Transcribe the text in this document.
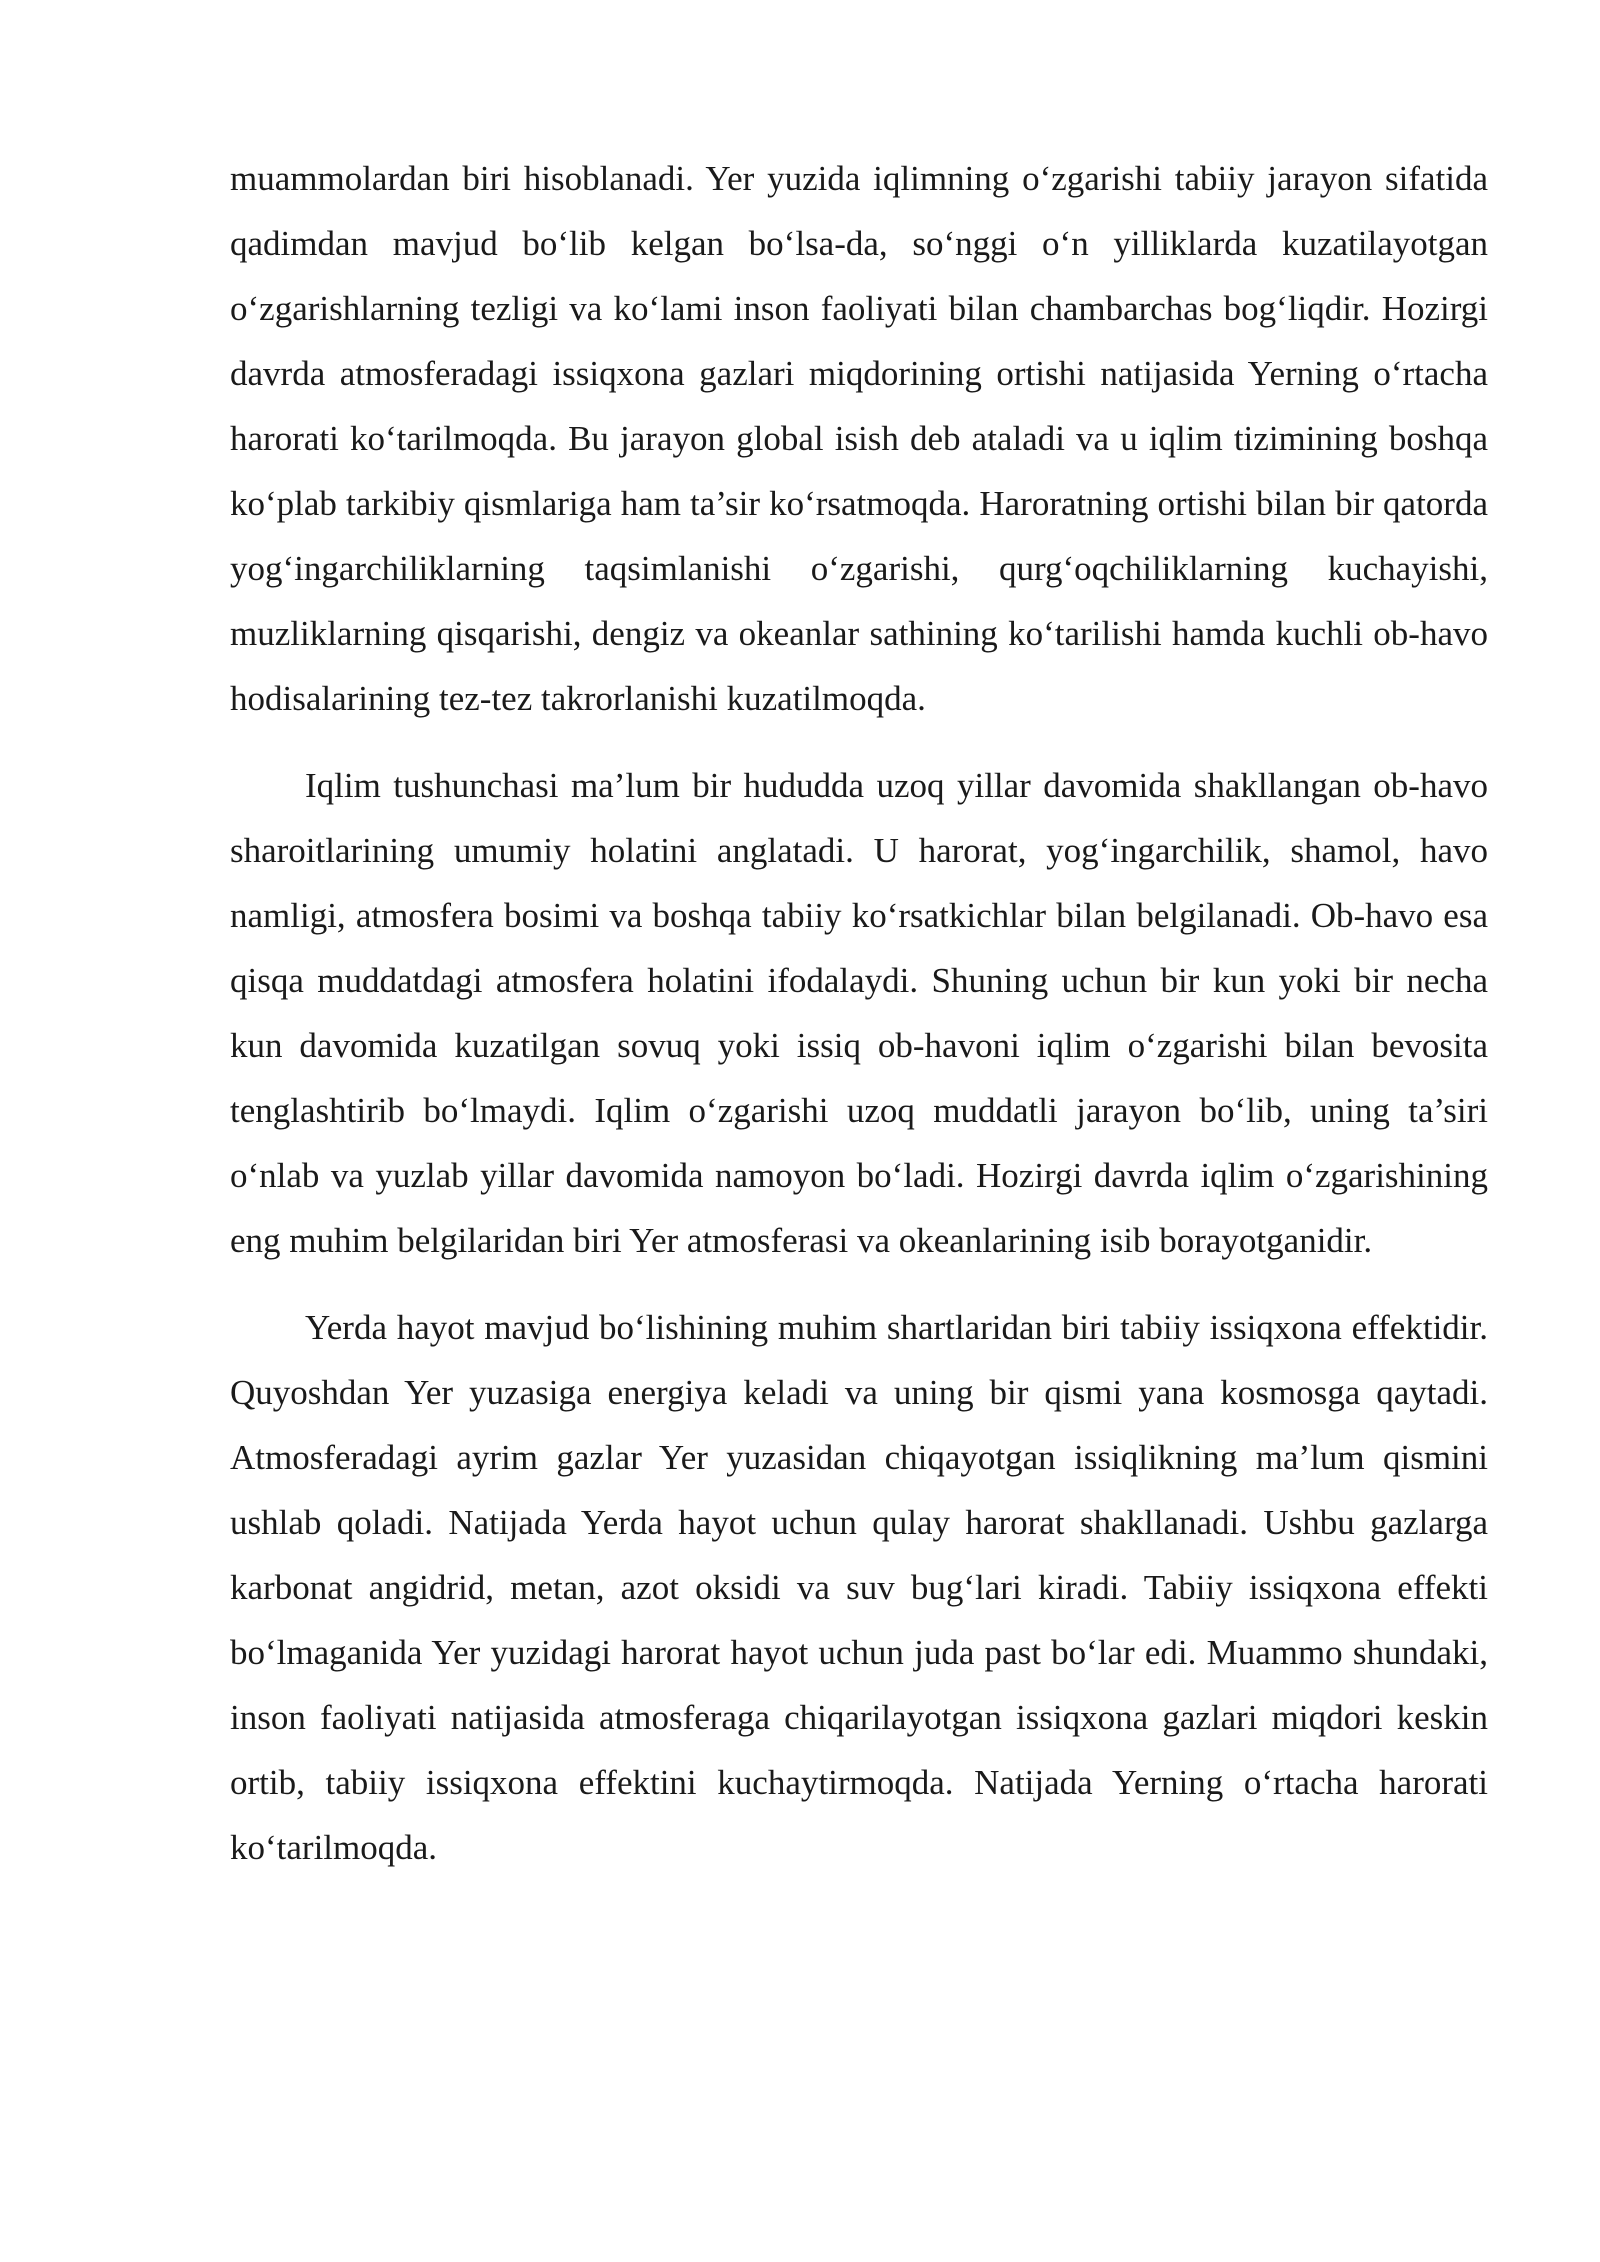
muammolardan biri hisoblanadi. Yer yuzida iqlimning o‘zgarishi tabiiy jarayon sifatida qadimdan mavjud bo‘lib kelgan bo‘lsa-da, so‘nggi o‘n yilliklarda kuzatilayotgan o‘zgarishlarning tezligi va ko‘lami inson faoliyati bilan chambarchas bog‘liqdir. Hozirgi davrda atmosferadagi issiqxona gazlari miqdorining ortishi natijasida Yerning o‘rtacha harorati ko‘tarilmoqda. Bu jarayon global isish deb ataladi va u iqlim tizimining boshqa ko‘plab tarkibiy qismlariga ham ta’sir ko‘rsatmoqda. Haroratning ortishi bilan bir qatorda yog‘ingarchiliklarning taqsimlanishi o‘zgarishi, qurg‘oqchiliklarning kuchayishi, muzliklarning qisqarishi, dengiz va okeanlar sathining ko‘tarilishi hamda kuchli ob-havo hodisalarining tez-tez takrorlanishi kuzatilmoqda.

Iqlim tushunchasi ma’lum bir hududda uzoq yillar davomida shakllangan ob-havo sharoitlarining umumiy holatini anglatadi. U harorat, yog‘ingarchilik, shamol, havo namligi, atmosfera bosimi va boshqa tabiiy ko‘rsatkichlar bilan belgilanadi. Ob-havo esa qisqa muddatdagi atmosfera holatini ifodalaydi. Shuning uchun bir kun yoki bir necha kun davomida kuzatilgan sovuq yoki issiq ob-havoni iqlim o‘zgarishi bilan bevosita tenglashtirib bo‘lmaydi. Iqlim o‘zgarishi uzoq muddatli jarayon bo‘lib, uning ta’siri o‘nlab va yuzlab yillar davomida namoyon bo‘ladi. Hozirgi davrda iqlim o‘zgarishining eng muhim belgilaridan biri Yer atmosferasi va okeanlarining isib borayotganidir.

Yerda hayot mavjud bo‘lishining muhim shartlaridan biri tabiiy issiqxona effektidir. Quyoshdan Yer yuzasiga energiya keladi va uning bir qismi yana kosmosga qaytadi. Atmosferadagi ayrim gazlar Yer yuzasidan chiqayotgan issiqlikning ma’lum qismini ushlab qoladi. Natijada Yerda hayot uchun qulay harorat shakllanadi. Ushbu gazlarga karbonat angidrid, metan, azot oksidi va suv bug‘lari kiradi. Tabiiy issiqxona effekti bo‘lmaganida Yer yuzidagi harorat hayot uchun juda past bo‘lar edi. Muammo shundaki, inson faoliyati natijasida atmosferaga chiqarilayotgan issiqxona gazlari miqdori keskin ortib, tabiiy issiqxona effektini kuchaytirmoqda. Natijada Yerning o‘rtacha harorati ko‘tarilmoqda.
